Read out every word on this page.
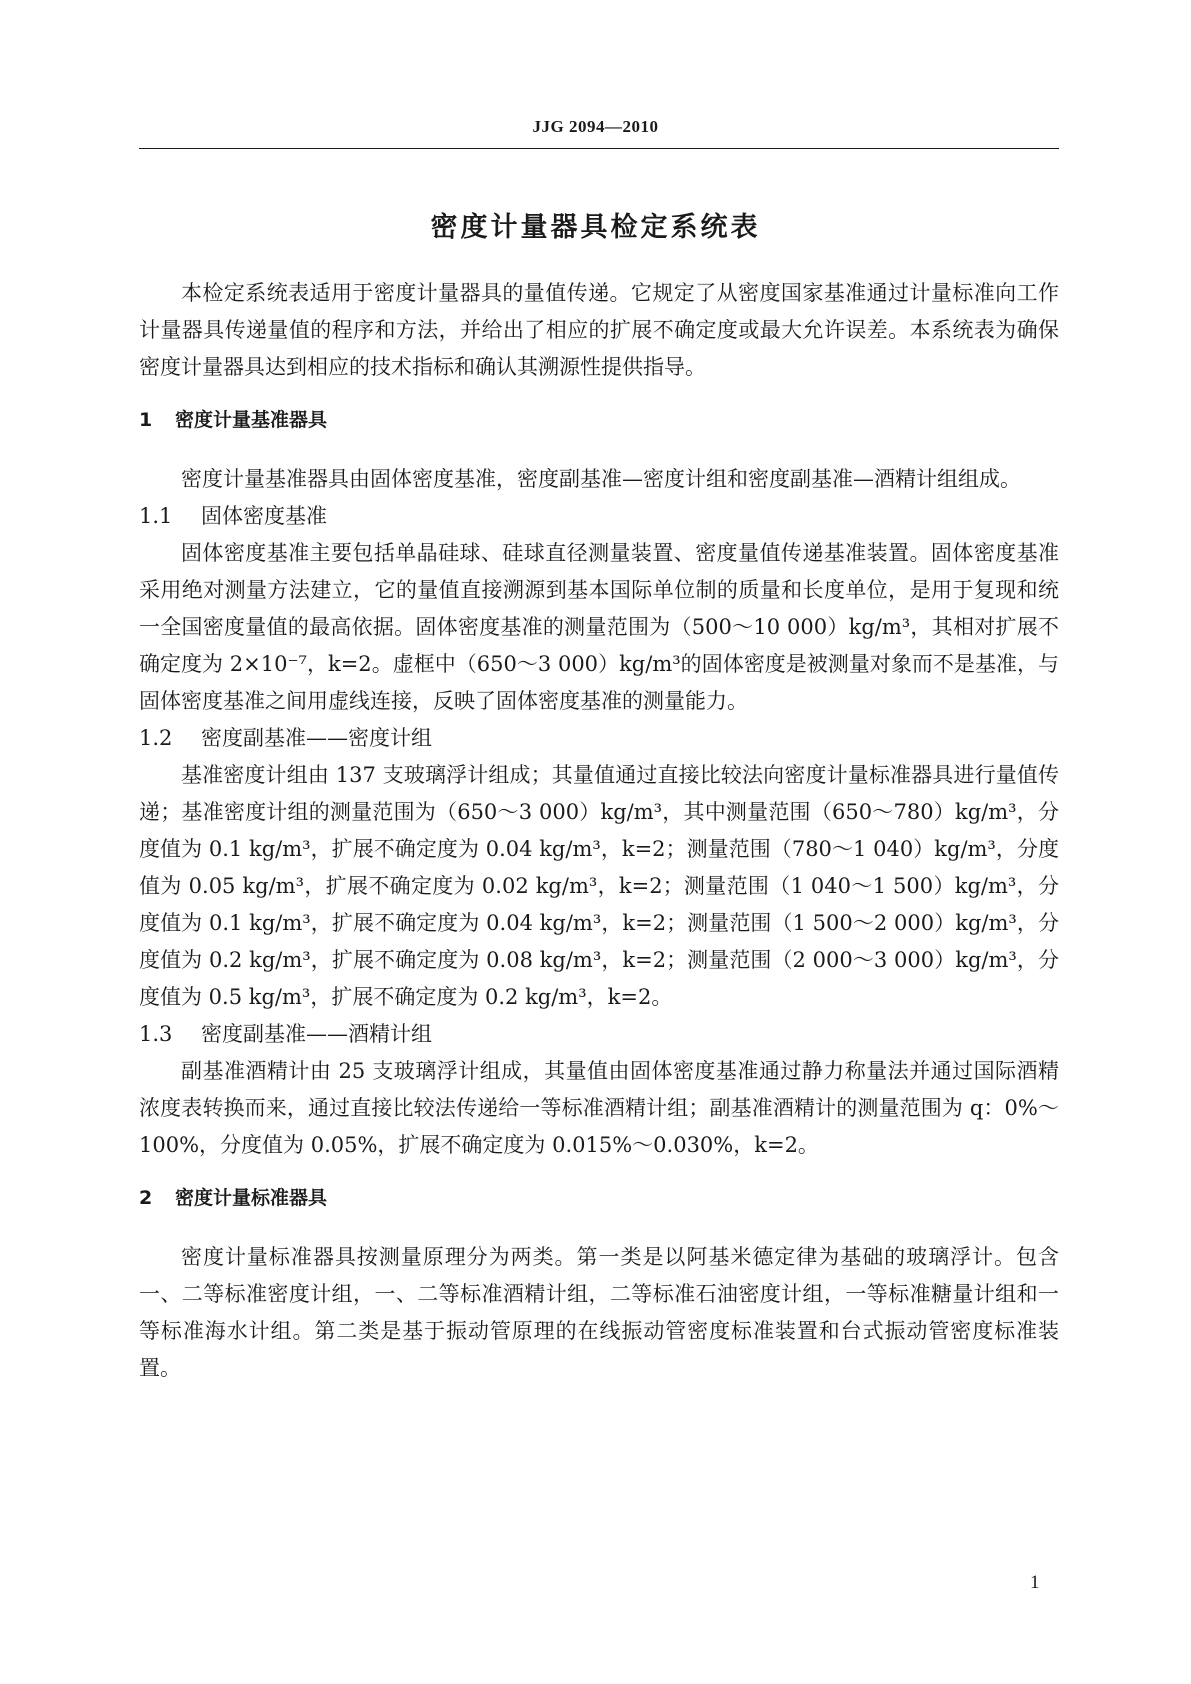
JJG 2094—2010
密度计量器具检定系统表

本检定系统表适用于密度计量器具的量值传递。它规定了从密度国家基准通过计量标准向工作计量器具传递量值的程序和方法，并给出了相应的扩展不确定度或最大允许误差。本系统表为确保密度计量器具达到相应的技术指标和确认其溯源性提供指导。

1 密度计量基准器具

密度计量基准器具由固体密度基准，密度副基准—密度计组和密度副基准—酒精计组组成。

1.1 固体密度基准

固体密度基准主要包括单晶硅球、硅球直径测量装置、密度量值传递基准装置。固体密度基准采用绝对测量方法建立，它的量值直接溯源到基本国际单位制的质量和长度单位，是用于复现和统一全国密度量值的最高依据。固体密度基准的测量范围为（500～10 000）kg/m³，其相对扩展不确定度为 2×10⁻⁷，k=2。虚框中（650～3 000）kg/m³的固体密度是被测量对象而不是基准，与固体密度基准之间用虚线连接，反映了固体密度基准的测量能力。

1.2 密度副基准——密度计组

基准密度计组由 137 支玻璃浮计组成；其量值通过直接比较法向密度计量标准器具进行量值传递；基准密度计组的测量范围为（650～3 000）kg/m³，其中测量范围（650～780）kg/m³，分度值为 0.1 kg/m³，扩展不确定度为 0.04 kg/m³，k=2；测量范围（780～1 040）kg/m³，分度值为 0.05 kg/m³，扩展不确定度为 0.02 kg/m³，k=2；测量范围（1 040～1 500）kg/m³，分度值为 0.1 kg/m³，扩展不确定度为 0.04 kg/m³，k=2；测量范围（1 500～2 000）kg/m³，分度值为 0.2 kg/m³，扩展不确定度为 0.08 kg/m³，k=2；测量范围（2 000～3 000）kg/m³，分度值为 0.5 kg/m³，扩展不确定度为 0.2 kg/m³，k=2。

1.3 密度副基准——酒精计组

副基准酒精计由 25 支玻璃浮计组成，其量值由固体密度基准通过静力称量法并通过国际酒精浓度表转换而来，通过直接比较法传递给一等标准酒精计组；副基准酒精计的测量范围为 q：0%～100%，分度值为 0.05%，扩展不确定度为 0.015%～0.030%，k=2。

2 密度计量标准器具

密度计量标准器具按测量原理分为两类。第一类是以阿基米德定律为基础的玻璃浮计。包含一、二等标准密度计组，一、二等标准酒精计组，二等标准石油密度计组，一等标准糖量计组和一等标准海水计组。第二类是基于振动管原理的在线振动管密度标准装置和台式振动管密度标准装置。

1
